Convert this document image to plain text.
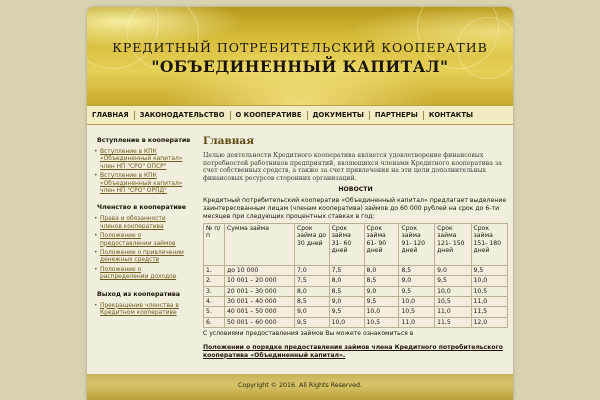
КРЕДИТНЫЙ ПОТРЕБИТЕЛЬСКИЙ КООПЕРАТИВ
"ОБЪЕДИНЕННЫЙ КАПИТАЛ"
ГЛАВНАЯ	ЗАКОНОДАТЕЛЬСТВО	О КООПЕРАТИВЕ	ДОКУМЕНТЫ	ПАРТНЕРЫ	КОНТАКТЫ
Вступление в кооператив
• Вступление в КПК «Объединенный капитал» член НП "СРО" ОПСР"
• Вступление в КПК «Объединенный капитал» член НП "СРО" ОРПД"
Членство в кооперативе
• Права и обязанности членов кооператива
• Положение о предоставлении займов
• Положение о привлечении денежных средств
• Положение о распределении доходов
Выход из кооператива
• Прекращение членства в Кредитном кооперативе
Главная

Целью деятельности Кредитного кооператива является удовлетворение финансовых потребностей работников предприятий, являющихся членами Кредитного кооператива за счет собственных средств, а также за счет привлечения на эти цели дополнительных финансовых ресурсов сторонних организаций.

НОВОСТИ

Кредитный потребительский кооператив «Объединенный капитал» предлагает выделение заинтересованным лицам (членам кооператива) займов до 60 000 рублей на срок до 6-ти месяцев при следующих процентных ставках в год:

№ п/п	Сумма займа	Срок займа до 30 дней	Срок займа 31- 60 дней	Срок займа 61- 90 дней	Срок займа 91- 120 дней	Срок займа 121- 150 дней	Срок займа 151- 180 дней
1.	до 10 000	7,0	7,5	8,0	8,5	9,0	9,5
2.	10 001 – 20 000	7,5	8,0	8,5	9,0	9,5	10,0
3.	20 001 – 30 000	8,0	8,5	9,0	9,5	10,0	10,5
4.	30 001 – 40 000	8,5	9,0	9,5	10,0	10,5	11,0
5.	40 001 – 50 000	9,0	9,5	10,0	10,5	11,0	11,5
6.	50 001 – 60 000	9,5	10,0	10,5	11,0	11,5	12,0

С условиями предоставления займов Вы можете ознакомиться в

Положении о порядке предоставления займов члена Кредитного потребительского кооператива «Объединенный капитал».

Copyright © 2016. All Rights Reserved.
